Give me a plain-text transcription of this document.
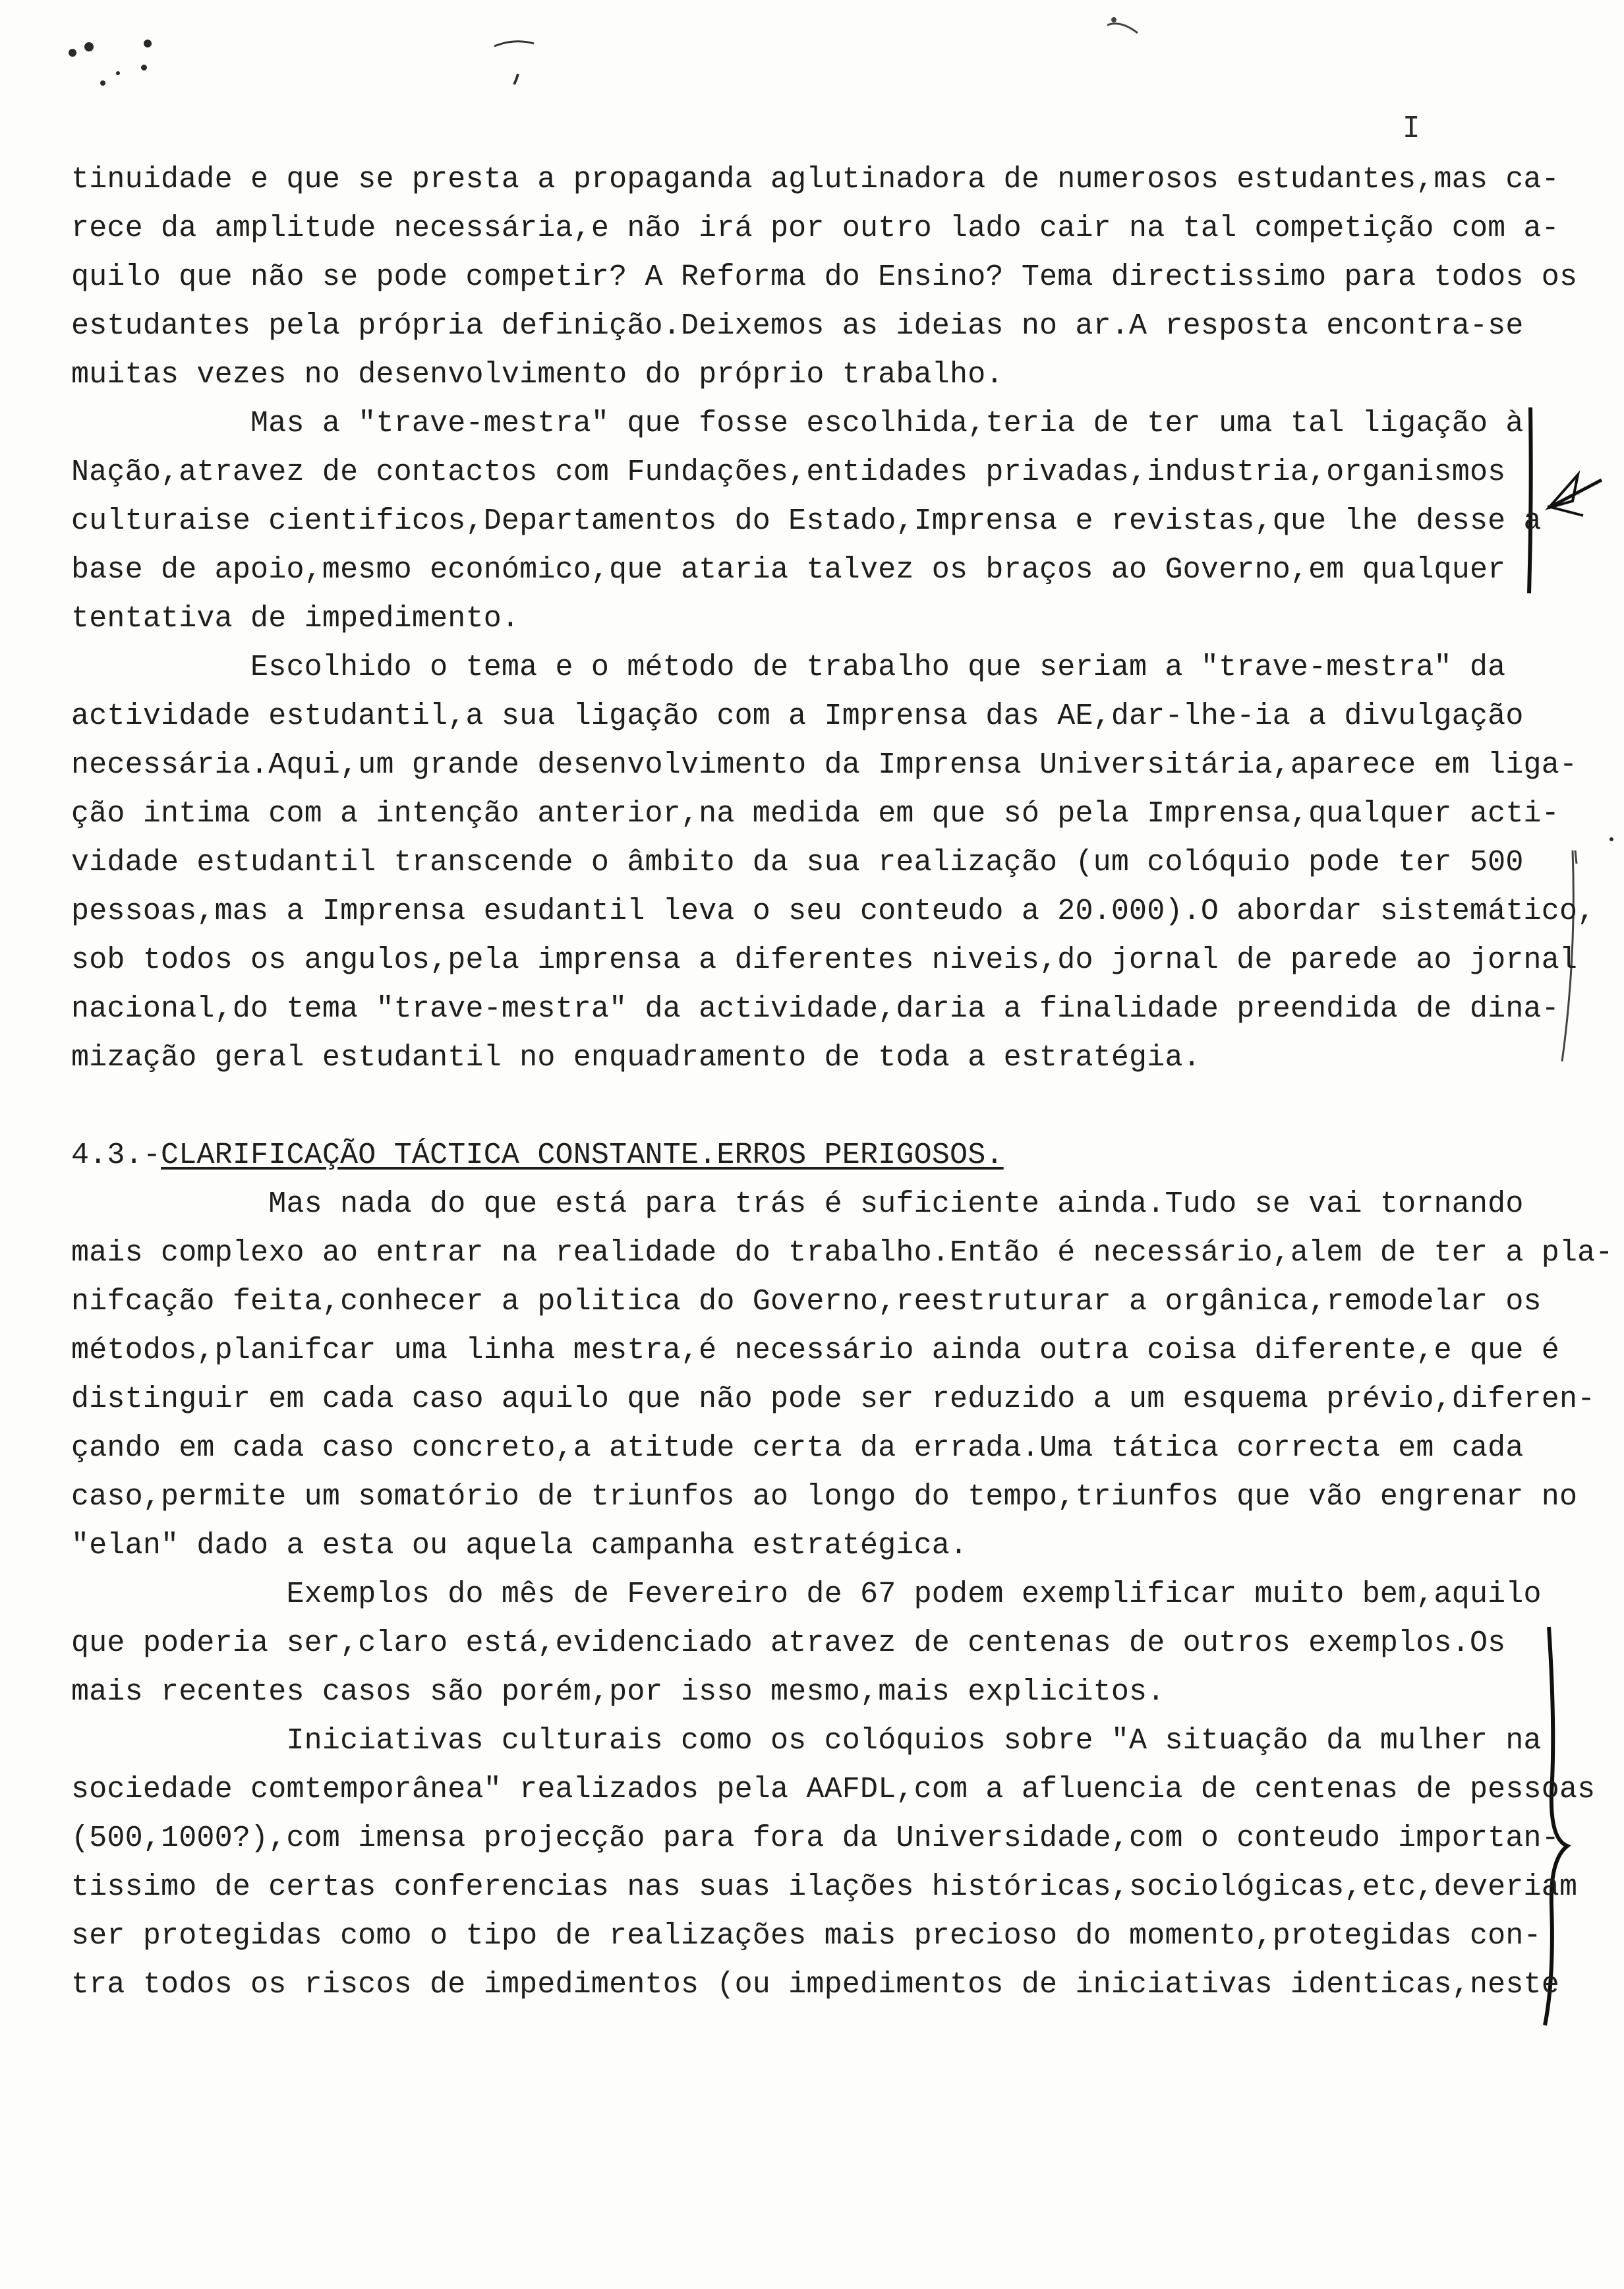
I
tinuidade e que se presta a propaganda aglutinadora de numerosos estudantes,mas ca-
rece da amplitude necessária,e não irá por outro lado cair na tal competição com a-
quilo que não se pode competir? A Reforma do Ensino? Tema directissimo para todos os
estudantes pela própria definição.Deixemos as ideias no ar.A resposta encontra-se
muitas vezes no desenvolvimento do próprio trabalho.
Mas a "trave-mestra" que fosse escolhida,teria de ter uma tal ligação à
Nação,atravez de contactos com Fundações,entidades privadas,industria,organismos
culturaise cientificos,Departamentos do Estado,Imprensa e revistas,que lhe desse a
base de apoio,mesmo económico,que ataria talvez os braços ao Governo,em qualquer
tentativa de impedimento.
Escolhido o tema e o método de trabalho que seriam a "trave-mestra" da
actividade estudantil,a sua ligação com a Imprensa das AE,dar-lhe-ia a divulgação
necessária.Aqui,um grande desenvolvimento da Imprensa Universitária,aparece em liga-
ção intima com a intenção anterior,na medida em que só pela Imprensa,qualquer acti-
vidade estudantil transcende o âmbito da sua realização (um colóquio pode ter 500
pessoas,mas a Imprensa esudantil leva o seu conteudo a 20.000).O abordar sistemático,
sob todos os angulos,pela imprensa a diferentes niveis,do jornal de parede ao jornal
nacional,do tema "trave-mestra" da actividade,daria a finalidade preendida de dina-
mização geral estudantil no enquadramento de toda a estratégia.
4.3.-CLARIFICAÇÃO TÁCTICA CONSTANTE.ERROS PERIGOSOS.
Mas nada do que está para trás é suficiente ainda.Tudo se vai tornando
mais complexo ao entrar na realidade do trabalho.Então é necessário,alem de ter a pla-
nifcação feita,conhecer a politica do Governo,reestruturar a orgânica,remodelar os
métodos,planifcar uma linha mestra,é necessário ainda outra coisa diferente,e que é
distinguir em cada caso aquilo que não pode ser reduzido a um esquema prévio,diferen-
çando em cada caso concreto,a atitude certa da errada.Uma tática correcta em cada
caso,permite um somatório de triunfos ao longo do tempo,triunfos que vão engrenar no
"elan" dado a esta ou aquela campanha estratégica.
Exemplos do mês de Fevereiro de 67 podem exemplificar muito bem,aquilo
que poderia ser,claro está,evidenciado atravez de centenas de outros exemplos.Os
mais recentes casos são porém,por isso mesmo,mais explicitos.
Iniciativas culturais como os colóquios sobre "A situação da mulher na
sociedade comtemporânea" realizados pela AAFDL,com a afluencia de centenas de pessoas
(500,1000?),com imensa projecção para fora da Universidade,com o conteudo importan-
tissimo de certas conferencias nas suas ilações históricas,sociológicas,etc,deveriam
ser protegidas como o tipo de realizações mais precioso do momento,protegidas con-
tra todos os riscos de impedimentos (ou impedimentos de iniciativas identicas,neste
